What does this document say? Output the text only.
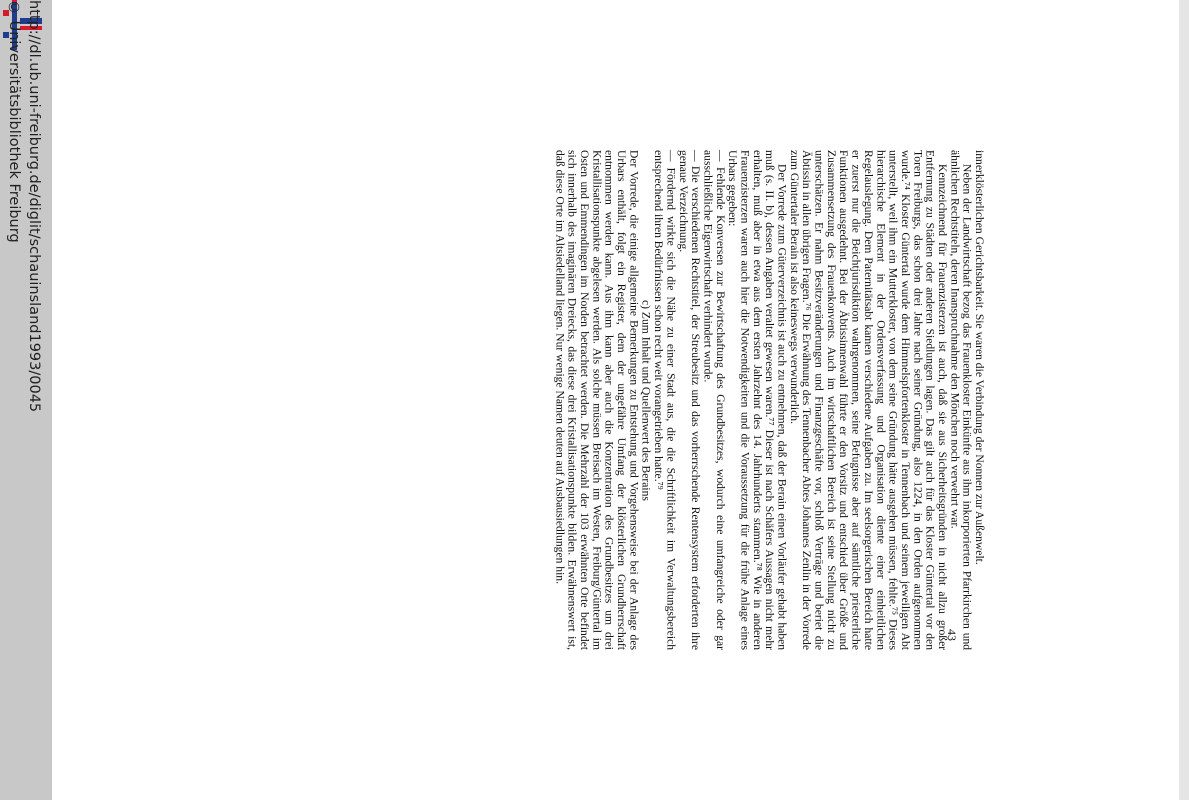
http://dl.ub.uni-freiburg.de/diglit/schauinsland1993/0045
© Universitätsbibliothek Freiburg

innerklösterlichen Gerichtsbarkeit. Sie waren die Verbindung der Nonnen zur Außenwelt.

Neben der Landwirtschaft bezog das Frauenkloster Einkünfte aus ihm inkorporierten Pfarrkirchen und ähnlichen Rechtstiteln, deren Inanspruchnahme den Mönchen noch verwehrt war.

Kennzeichnend für Frauenzisterzen ist auch, daß sie aus Sicherheitsgründen in nicht allzu großer Entfernung zu Städten oder anderen Siedlungen lagen. Das gilt auch für das Kloster Güntertal vor den Toren Freiburgs, das schon drei Jahre nach seiner Gründung, also 1224, in den Orden aufgenommen wurde.⁷⁴ Kloster Güntertal wurde dem Himmelspfortenkloster in Tennenbach und seinem jeweiligen Abt unterstellt, weil ihm ein Mutterkloster, von dem seine Gründung hätte ausgehen müssen, fehlte.⁷⁵ Dieses hierarchische Element in der Ordensverfassung und Organisation diente einer einheitlichen Regelauslegung. Dem Paternitätsabt kamen verschiedene Aufgaben zu. Im seelsorgerischen Bereich hatte er zuerst nur die Beichtjurisdiktion wahrgenommen, seine Befugnisse aber auf sämtliche priesterliche Funktionen ausgedehnt. Bei der Äbtissinnenwahl führte er den Vorsitz und entschied über Größe und Zusammensetzung des Frauenkonvents. Auch im wirtschaftlichen Bereich ist seine Stellung nicht zu unterschätzen. Er nahm Besitzveränderungen und Finanzgeschäfte vor, schloß Verträge und beriet die Äbtissin in allen übrigen Fragen.⁷⁶ Die Erwähnung des Tennenbacher Abtes Johannes Zenlin in der Vorrede zum Güntertaler Berain ist also keineswegs verwunderlich.

Der Vorrede zum Güterverzeichnis ist auch zu entnehmen, daß der Berain einen Vorläufer gehabt haben muß (s. II. b), dessen Angaben veraltet gewesen waren.⁷⁷ Dieser ist nach Schäfers Aussagen nicht mehr erhalten, muß aber in etwa aus dem ersten Jahrzehnt des 14. Jahrhunderts stammen.⁷⁸ Wie in anderen Frauenzisterzen waren auch hier die Notwendigkeiten und die Voraussetzung für die frühe Anlage eines Urbars gegeben:

— Fehlende Konversen zur Bewirtschaftung des Grundbesitzes, wodurch eine umfangreiche oder gar ausschließliche Eigenwirtschaft verhindert wurde.

— Die verschiedenen Rechtstitel, der Streubesitz und das vorherrschende Rentensystem erforderten ihre genaue Verzeichnung.

— Fördernd wirkte sich die Nähe zu einer Stadt aus, die die Schriftlichkeit im Verwaltungsbereich entsprechend ihren Bedürfnissen schon recht weit vorangetrieben hatte.⁷⁹

c) Zum Inhalt und Quellenwert des Berains

Der Vorrede, die einige allgemeine Bemerkungen zu Entstehung und Vorgehensweise bei der Anlage des Urbars enthält, folgt ein Register, dem der ungefähre Umfang der klösterlichen Grundherrschaft entnommen werden kann. Aus ihm kann aber auch die Konzentration des Grundbesitzes um drei Kristallisationspunkte abgelesen werden. Als solche müssen Breisach im Westen, Freiburg/Güntertal im Osten und Emmendingen im Norden betrachtet werden. Die Mehrzahl der 103 erwähnten Orte befindet sich innerhalb des imaginären Dreiecks, das diese drei Kristallisationspunkte bilden. Erwähnenswert ist, daß diese Orte im Altsiedelland liegen. Nur wenige Namen deuten auf Ausbausiedlungen hin.

43
